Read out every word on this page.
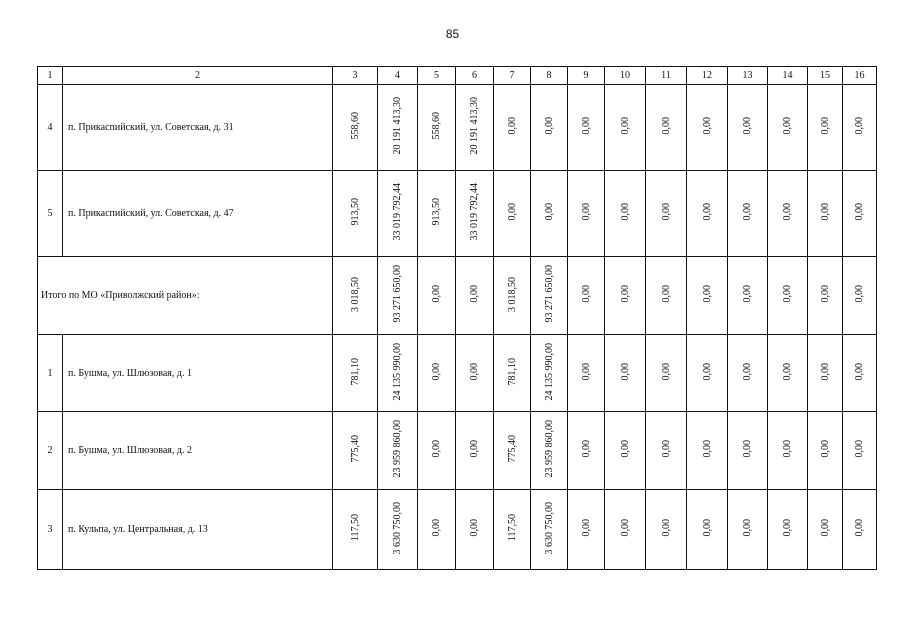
85
1	2	3	4	5	6	7	8	9	10	11	12	13	14	15	16
4	п. Прикаспийский, ул. Советская, д. 31	558,60	20 191 413,30	558,60	20 191 413,30	0,00	0,00	0,00	0,00	0,00	0,00	0,00	0,00	0,00	0,00
5	п. Прикаспийский, ул. Советская, д. 47	913,50	33 019 792,44	913,50	33 019 792,44	0,00	0,00	0,00	0,00	0,00	0,00	0,00	0,00	0,00	0,00
Итого по МО «Приволжский район»:		3 018,50	93 271 650,00	0,00	0,00	3 018,50	93 271 650,00	0,00	0,00	0,00	0,00	0,00	0,00	0,00	0,00
1	п. Бушма, ул. Шлюзовая, д. 1	781,10	24 135 990,00	0,00	0,00	781,10	24 135 990,00	0,00	0,00	0,00	0,00	0,00	0,00	0,00	0,00
2	п. Бушма, ул. Шлюзовая, д. 2	775,40	23 959 860,00	0,00	0,00	775,40	23 959 860,00	0,00	0,00	0,00	0,00	0,00	0,00	0,00	0,00
3	п. Кульпа, ул. Центральная, д. 13	117,50	3 630 750,00	0,00	0,00	117,50	3 630 750,00	0,00	0,00	0,00	0,00	0,00	0,00	0,00	0,00
